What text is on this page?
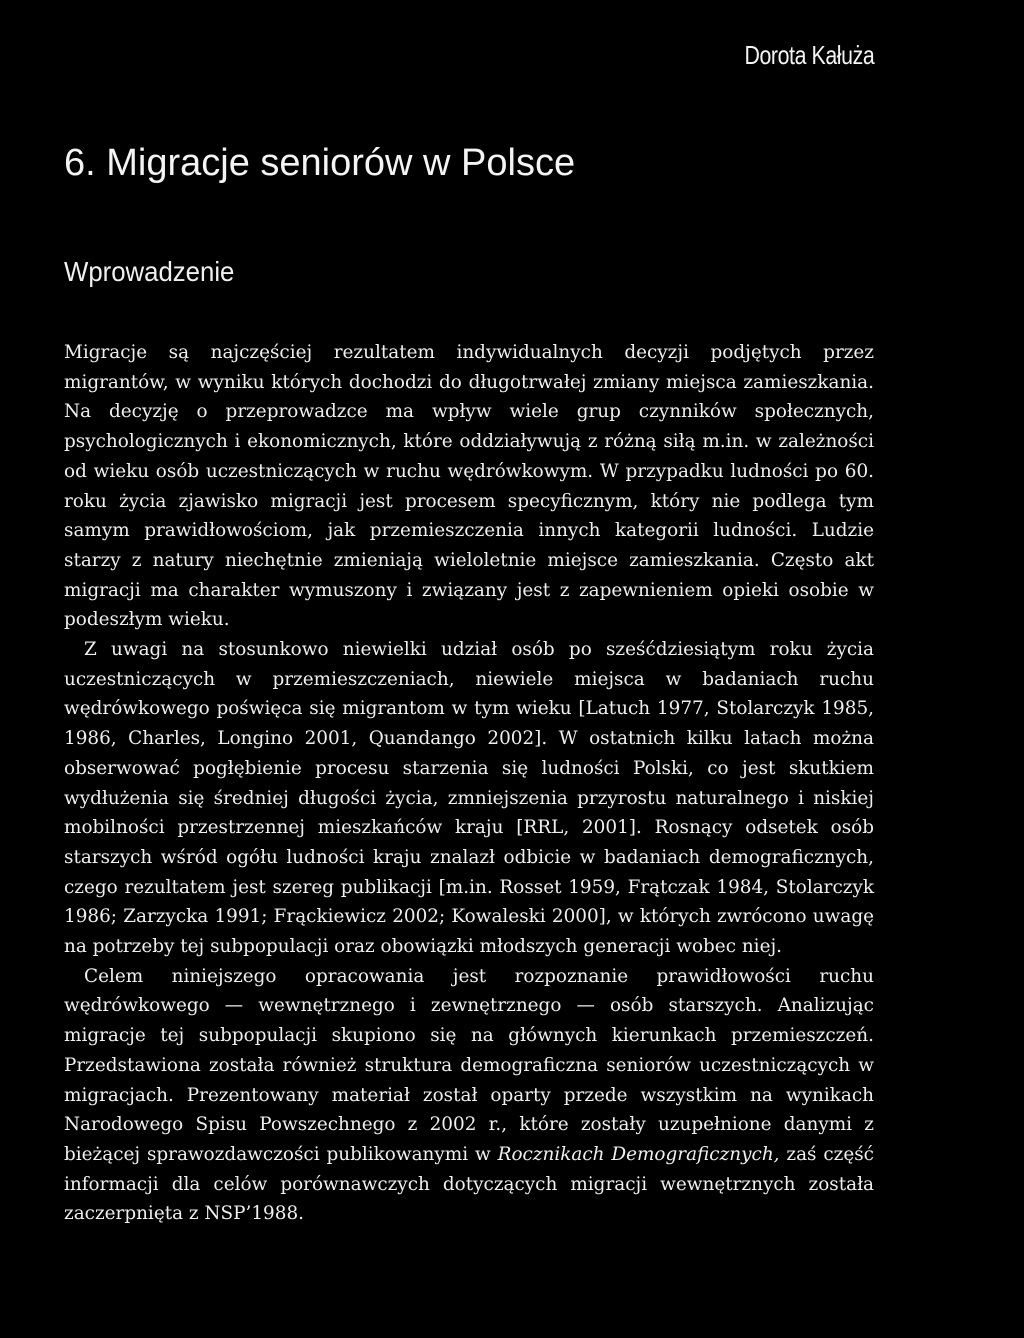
Dorota Kałuża
6. Migracje seniorów w Polsce
Wprowadzenie

Migracje są najczęściej rezultatem indywidualnych decyzji podjętych przez migrantów, w wyniku których dochodzi do długotrwałej zmiany miejsca zamieszkania. Na decyzję o przeprowadzce ma wpływ wiele grup czynników społecznych, psychologicznych i ekonomicznych, które oddziaływują z różną siłą m.in. w zależności od wieku osób uczestniczących w ruchu wędrówkowym. W przypadku ludności po 60. roku życia zjawisko migracji jest procesem specyficznym, który nie podlega tym samym prawidłowościom, jak przemieszczenia innych kategorii ludności. Ludzie starzy z natury niechętnie zmieniają wieloletnie miejsce zamieszkania. Często akt migracji ma charakter wymuszony i związany jest z zapewnieniem opieki osobie w podeszłym wieku.

Z uwagi na stosunkowo niewielki udział osób po sześćdziesiątym roku życia uczestniczących w przemieszczeniach, niewiele miejsca w badaniach ruchu wędrówkowego poświęca się migrantom w tym wieku [Latuch 1977, Stolarczyk 1985, 1986, Charles, Longino 2001, Quandango 2002]. W ostatnich kilku latach można obserwować pogłębienie procesu starzenia się ludności Polski, co jest skutkiem wydłużenia się średniej długości życia, zmniejszenia przyrostu naturalnego i niskiej mobilności przestrzennej mieszkańców kraju [RRL, 2001]. Rosnący odsetek osób starszych wśród ogółu ludności kraju znalazł odbicie w badaniach demograficznych, czego rezultatem jest szereg publikacji [m.in. Rosset 1959, Frątczak 1984, Stolarczyk 1986; Zarzycka 1991; Frąckiewicz 2002; Kowaleski 2000], w których zwrócono uwagę na potrzeby tej subpopulacji oraz obowiązki młodszych generacji wobec niej.

Celem niniejszego opracowania jest rozpoznanie prawidłowości ruchu wędrówkowego — wewnętrznego i zewnętrznego — osób starszych. Analizując migracje tej subpopulacji skupiono się na głównych kierunkach przemieszczeń. Przedstawiona została również struktura demograficzna seniorów uczestniczących w migracjach. Prezentowany materiał został oparty przede wszystkim na wynikach Narodowego Spisu Powszechnego z 2002 r., które zostały uzupełnione danymi z bieżącej sprawozdawczości publikowanymi w Rocznikach Demograficznych, zaś część informacji dla celów porównawczych dotyczących migracji wewnętrznych została zaczerpnięta z NSP’1988.
